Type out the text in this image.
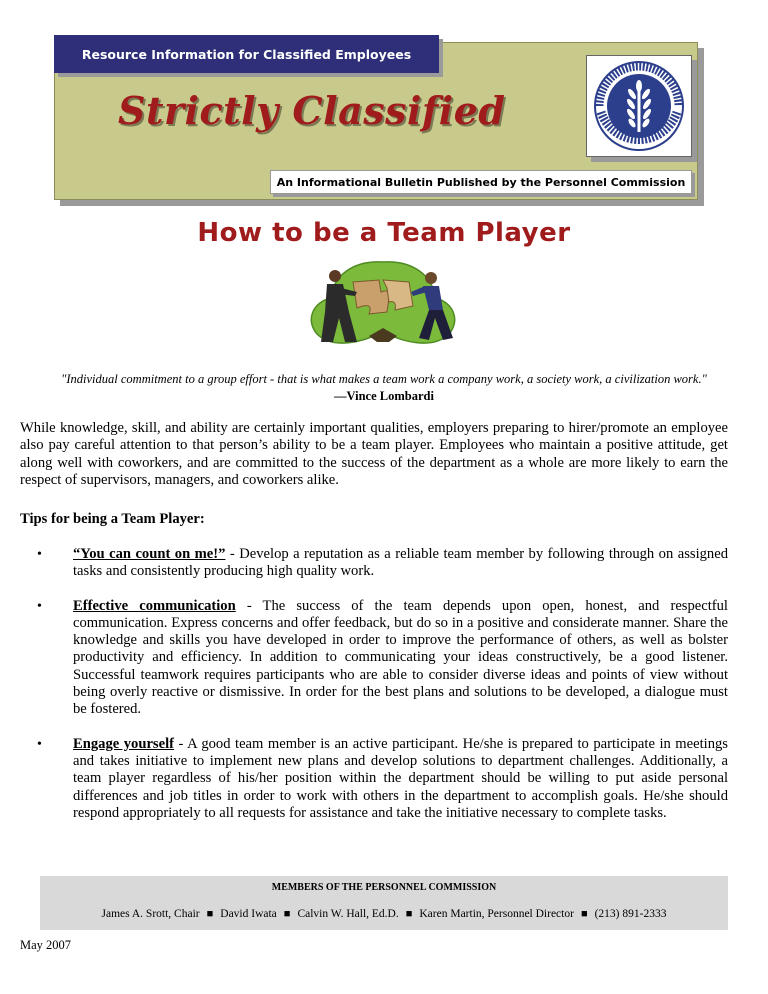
Resource Information for Classified Employees
Strictly Classified
An Informational Bulletin Published by the Personnel Commission
How to be a Team Player
"Individual commitment to a group effort - that is what makes a team work a company work, a society work, a civilization work."
—Vince Lombardi
While knowledge, skill, and ability are certainly important qualities, employers preparing to hirer/promote an employee also pay careful attention to that person’s ability to be a team player. Employees who maintain a positive attitude, get along well with coworkers, and are committed to the success of the department as a whole are more likely to earn the respect of supervisors, managers, and coworkers alike.
Tips for being a Team Player:
• “You can count on me!” - Develop a reputation as a reliable team member by following through on assigned tasks and consistently producing high quality work.
• Effective communication - The success of the team depends upon open, honest, and respectful communication. Express concerns and offer feedback, but do so in a positive and considerate manner. Share the knowledge and skills you have developed in order to improve the performance of others, as well as bolster productivity and efficiency. In addition to communicating your ideas constructively, be a good listener. Successful teamwork requires participants who are able to consider diverse ideas and points of view without being overly reactive or dismissive. In order for the best plans and solutions to be developed, a dialogue must be fostered.
• Engage yourself - A good team member is an active participant. He/she is prepared to participate in meetings and takes initiative to implement new plans and develop solutions to department challenges. Additionally, a team player regardless of his/her position within the department should be willing to put aside personal differences and job titles in order to work with others in the department to accomplish goals. He/she should respond appropriately to all requests for assistance and take the initiative necessary to complete tasks.
MEMBERS OF THE PERSONNEL COMMISSION
James A. Srott, Chair ■ David Iwata ■ Calvin W. Hall, Ed.D. ■ Karen Martin, Personnel Director ■ (213) 891-2333
May 2007
